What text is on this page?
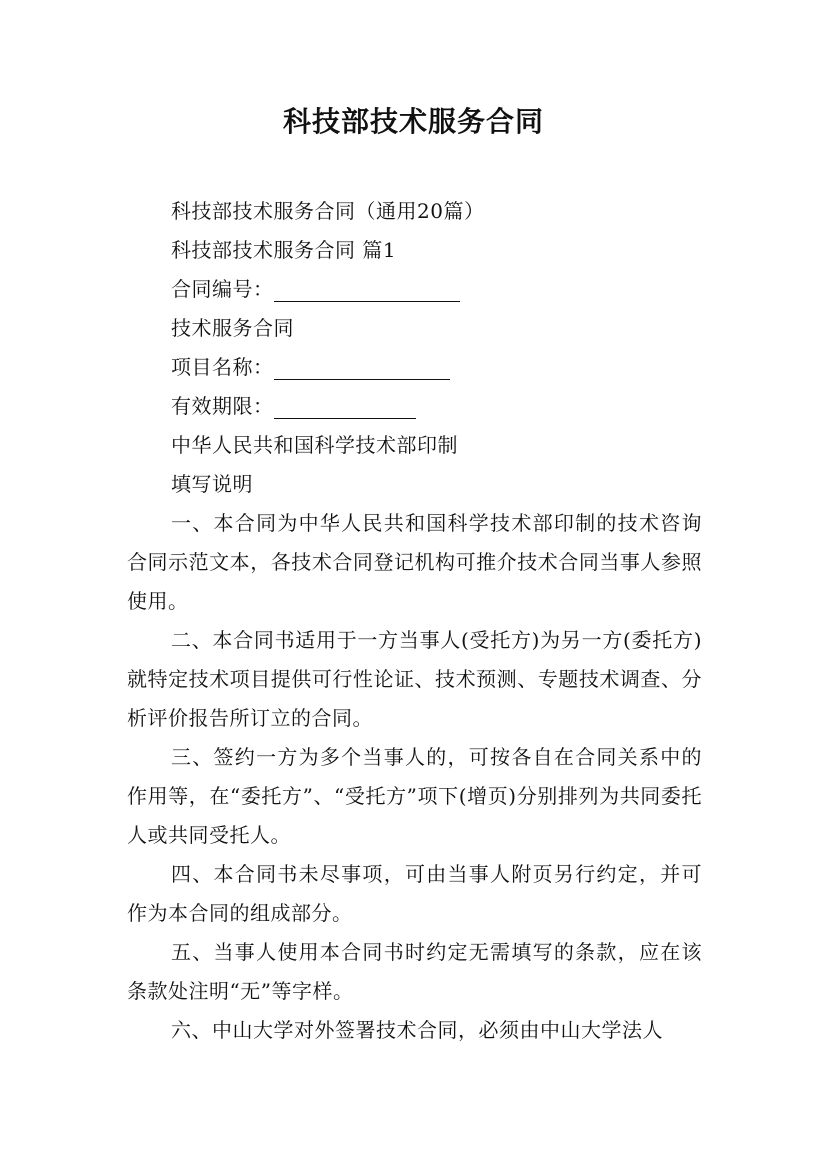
科技部技术服务合同

科技部技术服务合同（通用20篇）

科技部技术服务合同 篇1

合同编号：

技术服务合同

项目名称：

有效期限：

中华人民共和国科学技术部印制

填写说明

一、本合同为中华人民共和国科学技术部印制的技术咨询合同示范文本，各技术合同登记机构可推介技术合同当事人参照使用。

二、本合同书适用于一方当事人(受托方)为另一方(委托方)就特定技术项目提供可行性论证、技术预测、专题技术调查、分析评价报告所订立的合同。

三、签约一方为多个当事人的，可按各自在合同关系中的作用等，在“委托方”、“受托方”项下(增页)分别排列为共同委托人或共同受托人。

四、本合同书未尽事项，可由当事人附页另行约定，并可作为本合同的组成部分。

五、当事人使用本合同书时约定无需填写的条款，应在该条款处注明“无”等字样。

六、中山大学对外签署技术合同，必须由中山大学法人
